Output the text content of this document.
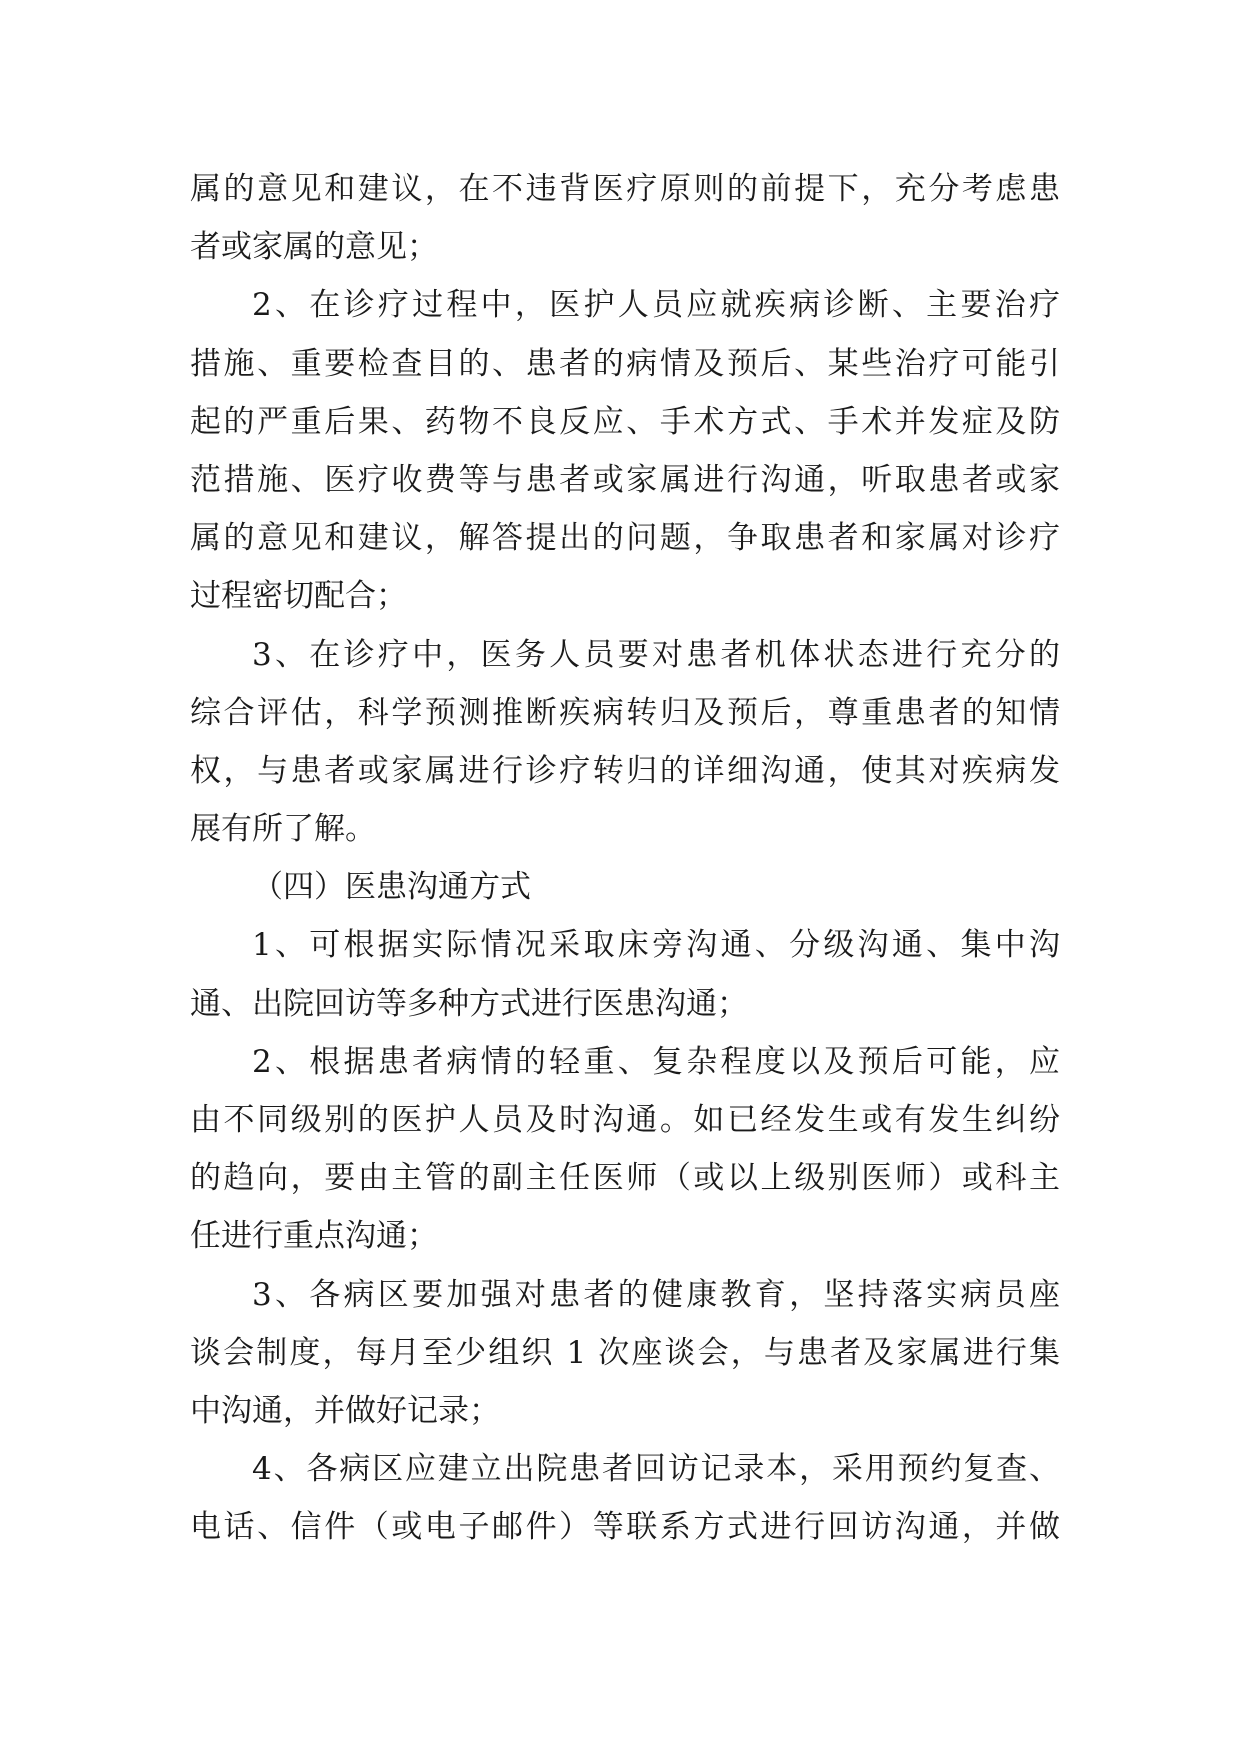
属的意见和建议，在不违背医疗原则的前提下，充分考虑患
者或家属的意见；
2、在诊疗过程中，医护人员应就疾病诊断、主要治疗
措施、重要检查目的、患者的病情及预后、某些治疗可能引
起的严重后果、药物不良反应、手术方式、手术并发症及防
范措施、医疗收费等与患者或家属进行沟通，听取患者或家
属的意见和建议，解答提出的问题，争取患者和家属对诊疗
过程密切配合；
3、在诊疗中，医务人员要对患者机体状态进行充分的
综合评估，科学预测推断疾病转归及预后，尊重患者的知情
权，与患者或家属进行诊疗转归的详细沟通，使其对疾病发
展有所了解。
（四）医患沟通方式
1、可根据实际情况采取床旁沟通、分级沟通、集中沟
通、出院回访等多种方式进行医患沟通；
2、根据患者病情的轻重、复杂程度以及预后可能，应
由不同级别的医护人员及时沟通。如已经发生或有发生纠纷
的趋向，要由主管的副主任医师（或以上级别医师）或科主
任进行重点沟通；
3、各病区要加强对患者的健康教育，坚持落实病员座
谈会制度，每月至少组织 1 次座谈会，与患者及家属进行集
中沟通，并做好记录；
4、各病区应建立出院患者回访记录本，采用预约复查、
电话、信件（或电子邮件）等联系方式进行回访沟通，并做
